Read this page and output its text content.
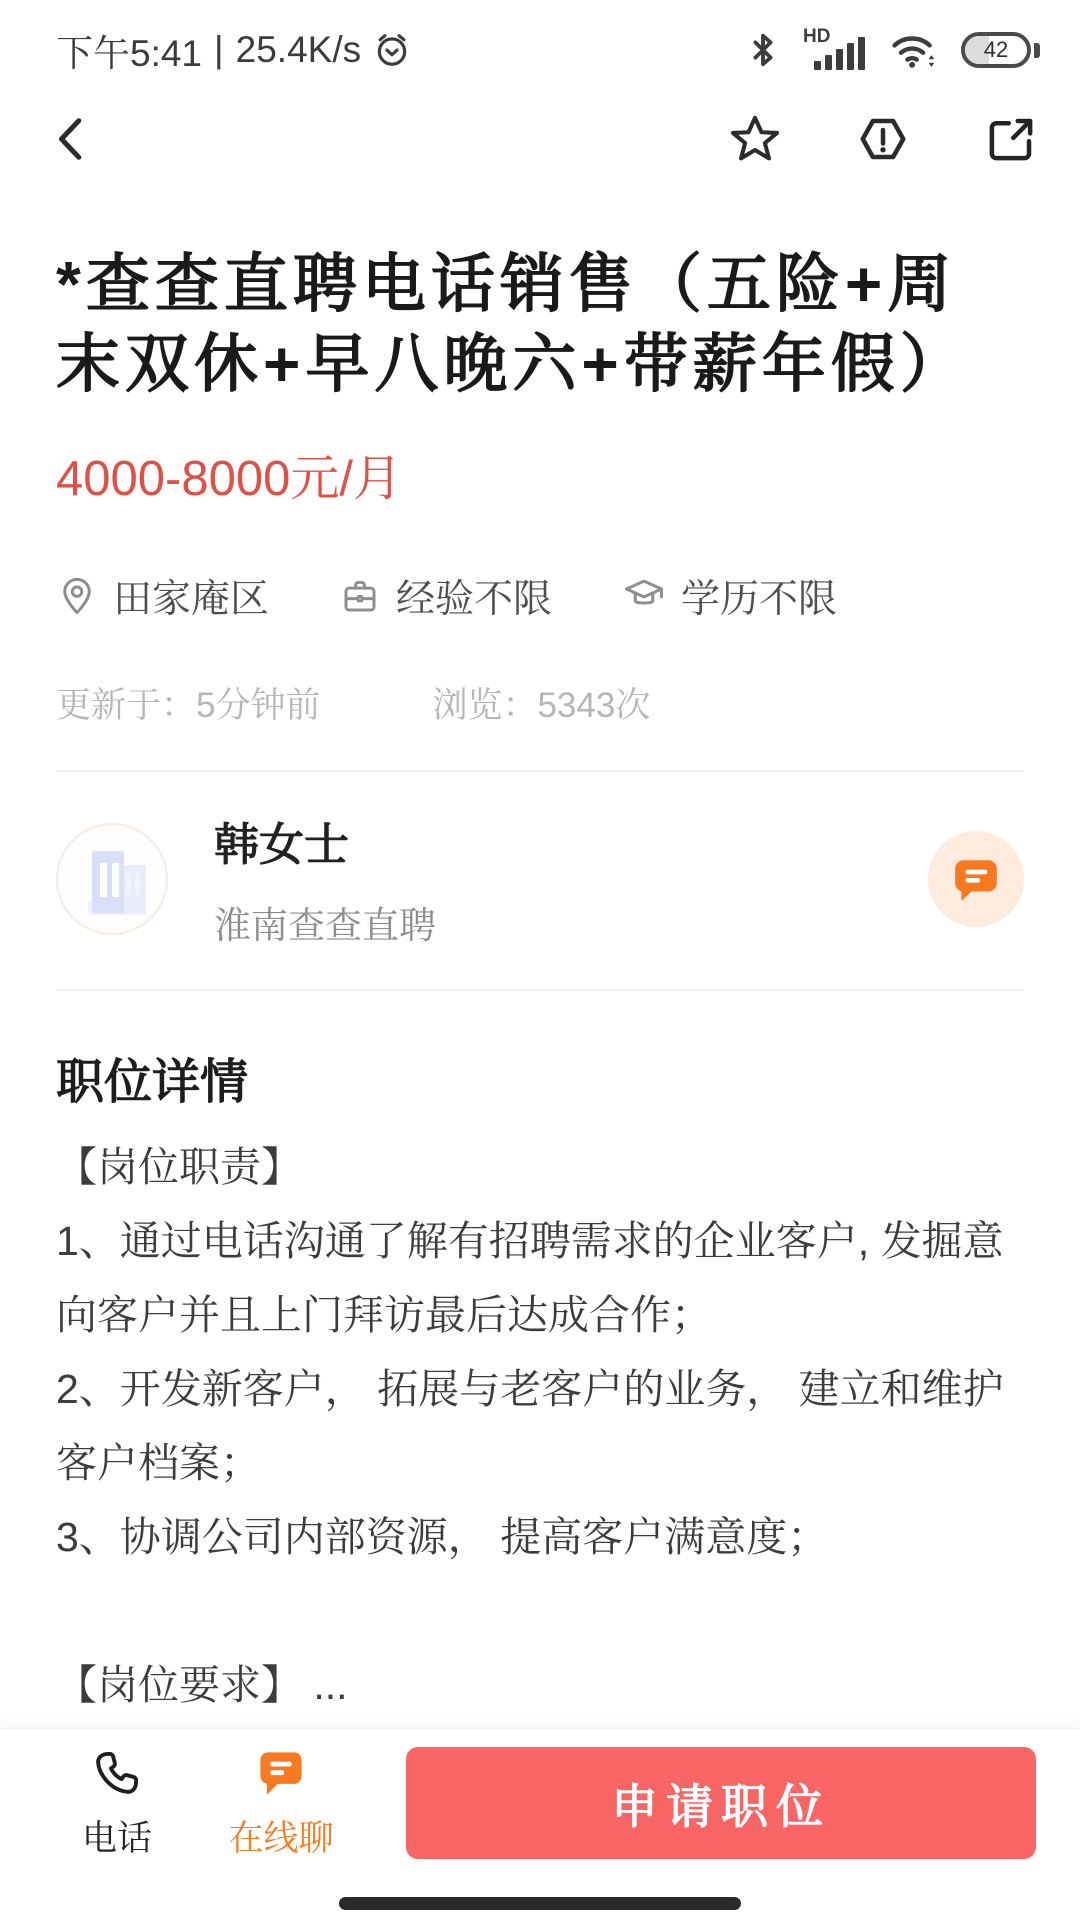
下午5:41 | 25.4K/s	HD
42
*查查直聘电话销售（五险+周末双休+早八晚六+带薪年假）
4000-8000元/月
田家庵区	经验不限	学历不限
更新于：5分钟前	浏览：5343次
韩女士
淮南查查直聘
职位详情

【岗位职责】

1、通过电话沟通了解有招聘需求的企业客户, 发掘意向客户并且上门拜访最后达成合作；

2、开发新客户， 拓展与老客户的业务， 建立和维护客户档案；

3、协调公司内部资源， 提高客户满意度；

【岗位要求】 ...

电话 在线聊
申请职位
